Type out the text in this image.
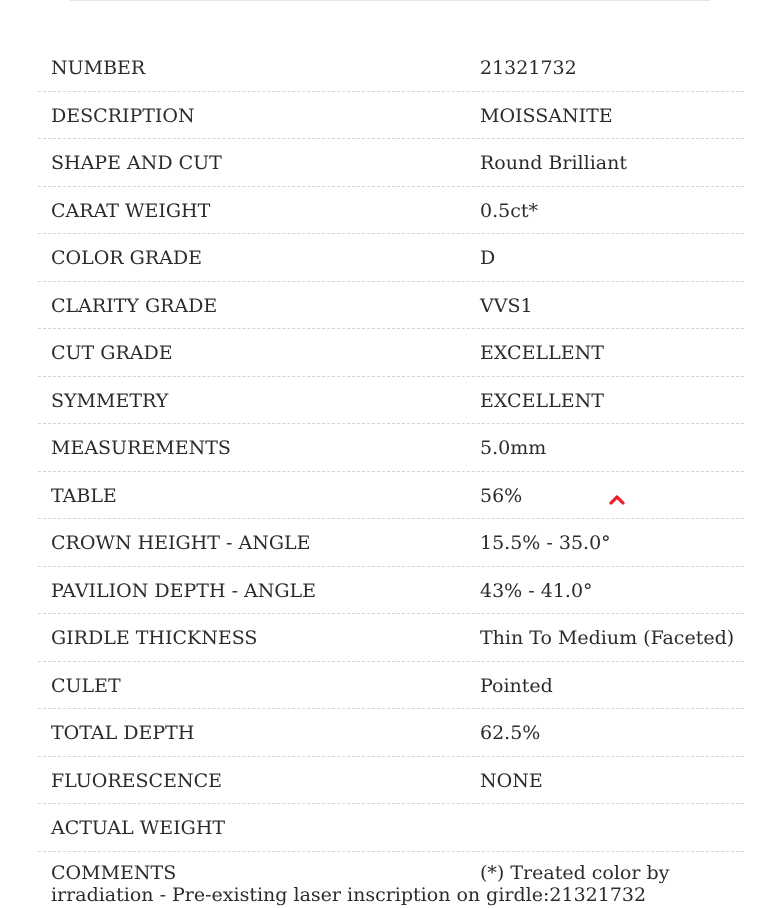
NUMBER	21321732
DESCRIPTION	MOISSANITE
SHAPE AND CUT	Round Brilliant
CARAT WEIGHT	0.5ct*
COLOR GRADE	D
CLARITY GRADE	VVS1
CUT GRADE	EXCELLENT
SYMMETRY	EXCELLENT
MEASUREMENTS	5.0mm
TABLE	56%
CROWN HEIGHT - ANGLE	15.5% - 35.0°
PAVILION DEPTH - ANGLE	43% - 41.0°
GIRDLE THICKNESS	Thin To Medium (Faceted)
CULET	Pointed
TOTAL DEPTH	62.5%
FLUORESCENCE	NONE
ACTUAL WEIGHT
COMMENTS	(*) Treated color by irradiation - Pre-existing laser inscription on girdle:21321732
